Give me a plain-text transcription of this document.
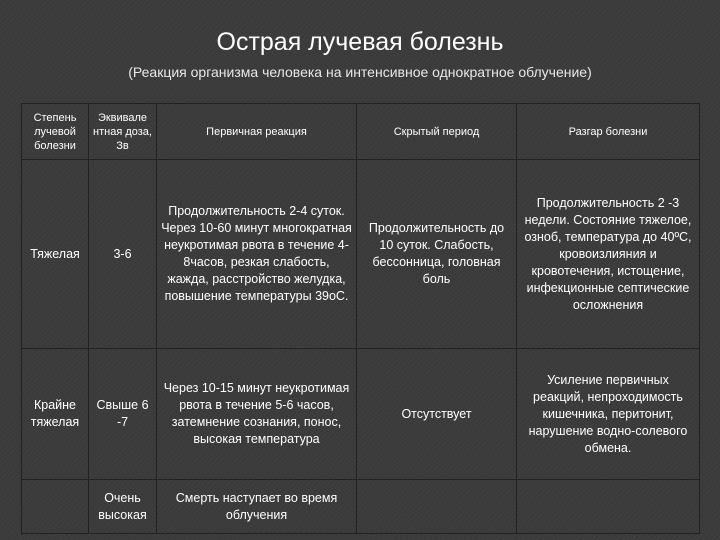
Острая лучевая болезнь
(Реакция организма человека на интенсивное однократное облучение)
Степень лучевой болезни	Эквивале нтная доза, Зв	Первичная реакция	Скрытый период	Разгар болезни
Тяжелая	3-6	Продолжительность 2-4 суток. Через 10-60 минут многократная неукротимая рвота в течение 4-8часов, резкая слабость, жажда, расстройство желудка, повышение температуры 39оС.	Продолжительность до 10 суток. Слабость, бессонница, головная боль	Продолжительность 2 -3 недели. Состояние тяжелое, озноб, температура до 40ºС, кровоизлияния и кровотечения, истощение, инфекционные септические осложнения
Крайне тяжелая	Свыше 6 -7	Через 10-15 минут неукротимая рвота в течение 5-6 часов, затемнение сознания, понос, высокая температура	Отсутствует	Усиление первичных реакций, непроходимость кишечника, перитонит, нарушение водно-солевого обмена.
	Очень высокая	Смерть наступает во время облучения		
